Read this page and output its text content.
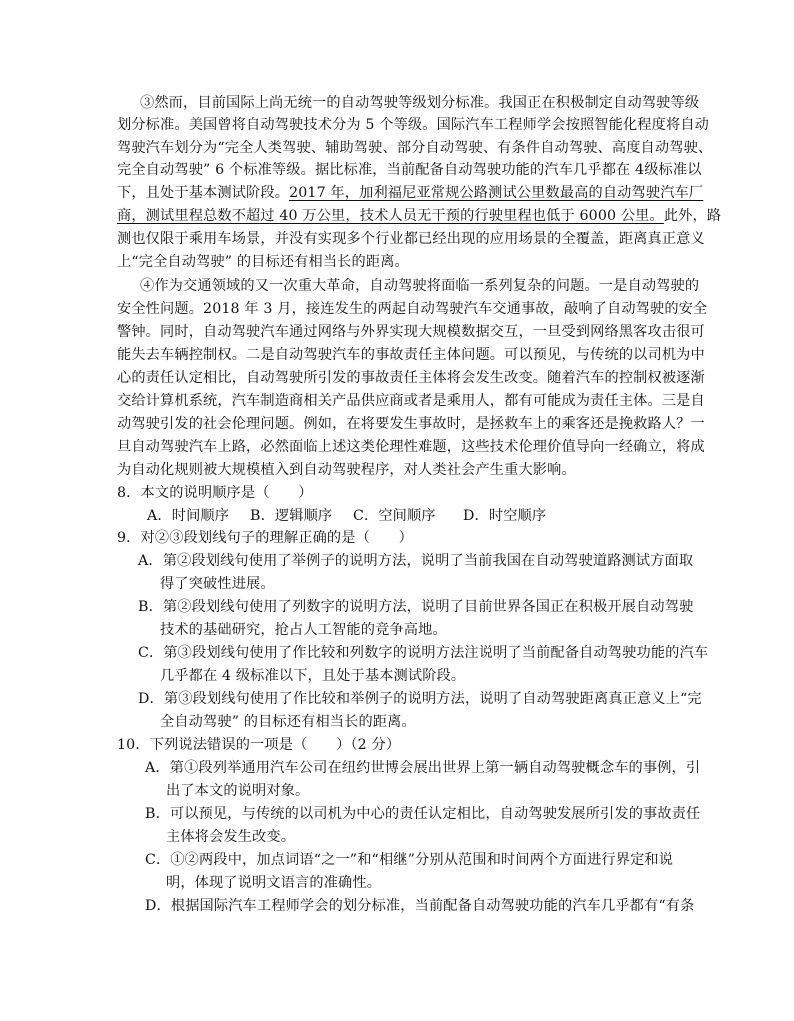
③然而，目前国际上尚无统一的自动驾驶等级划分标准。我国正在积极制定自动驾驶等级
划分标准。美国曾将自动驾驶技术分为 5 个等级。国际汽车工程师学会按照智能化程度将自动
驾驶汽车划分为“完全人类驾驶、辅助驾驶、部分自动驾驶、有条件自动驾驶、高度自动驾驶、
完全自动驾驶” 6 个标准等级。据比标准，当前配备自动驾驶功能的汽车几乎都在 4级标准以
下，且处于基本测试阶段。2017 年，加利福尼亚常规公路测试公里数最高的自动驾驶汽车厂
商，测试里程总数不超过 40 万公里，技术人员无干预的行驶里程也低于 6000 公里。此外，路
测也仅限于乘用车场景，并没有实现多个行业都已经出现的应用场景的全覆盖，距离真正意义
上“完全自动驾驶” 的目标还有相当长的距离。
④作为交通领域的又一次重大革命，自动驾驶将面临一系列复杂的问题。一是自动驾驶的
安全性问题。2018 年 3 月，接连发生的两起自动驾驶汽车交通事故，敲响了自动驾驶的安全
警钟。同时，自动驾驶汽车通过网络与外界实现大规模数据交互，一旦受到网络黑客攻击很可
能失去车辆控制权。二是自动驾驶汽车的事故责任主体问题。可以预见，与传统的以司机为中
心的责任认定相比，自动驾驶所引发的事故责任主体将会发生改变。随着汽车的控制权被逐渐
交给计算机系统，汽车制造商相关产品供应商或者是乘用人，都有可能成为责任主体。三是自
动驾驶引发的社会伦理问题。例如，在将要发生事故时，是拯救车上的乘客还是挽救路人？一
旦自动驾驶汽车上路，必然面临上述这类伦理性难题，这些技术伦理价值导向一经确立，将成
为自动化规则被大规模植入到自动驾驶程序，对人类社会产生重大影响。
8．本文的说明顺序是（　　）
A．时间顺序 B．逻辑顺序 C．空间顺序 D．时空顺序
9．对②③段划线句子的理解正确的是（　　）
A．第②段划线句使用了举例子的说明方法，说明了当前我国在自动驾驶道路测试方面取
得了突破性进展。
B．第②段划线句使用了列数字的说明方法，说明了目前世界各国正在积极开展自动驾驶
技术的基础研究，抢占人工智能的竞争高地。
C．第③段划线句使用了作比较和列数字的说明方法注说明了当前配备自动驾驶功能的汽车
几乎都在 4 级标准以下，且处于基本测试阶段。
D．第③段划线句使用了作比较和举例子的说明方法，说明了自动驾驶距离真正意义上“完
全自动驾驶” 的目标还有相当长的距离。
10．下列说法错误的一项是（　　）（2 分）
A．第①段列举通用汽车公司在纽约世博会展出世界上第一辆自动驾驶概念车的事例，引
出了本文的说明对象。
B．可以预见，与传统的以司机为中心的责任认定相比，自动驾驶发展所引发的事故责任
主体将会发生改变。
C．①②两段中，加点词语“之一”和“相继”分别从范围和时间两个方面进行界定和说
明，体现了说明文语言的准确性。
D．根据国际汽车工程师学会的划分标准，当前配备自动驾驶功能的汽车几乎都有“有条
